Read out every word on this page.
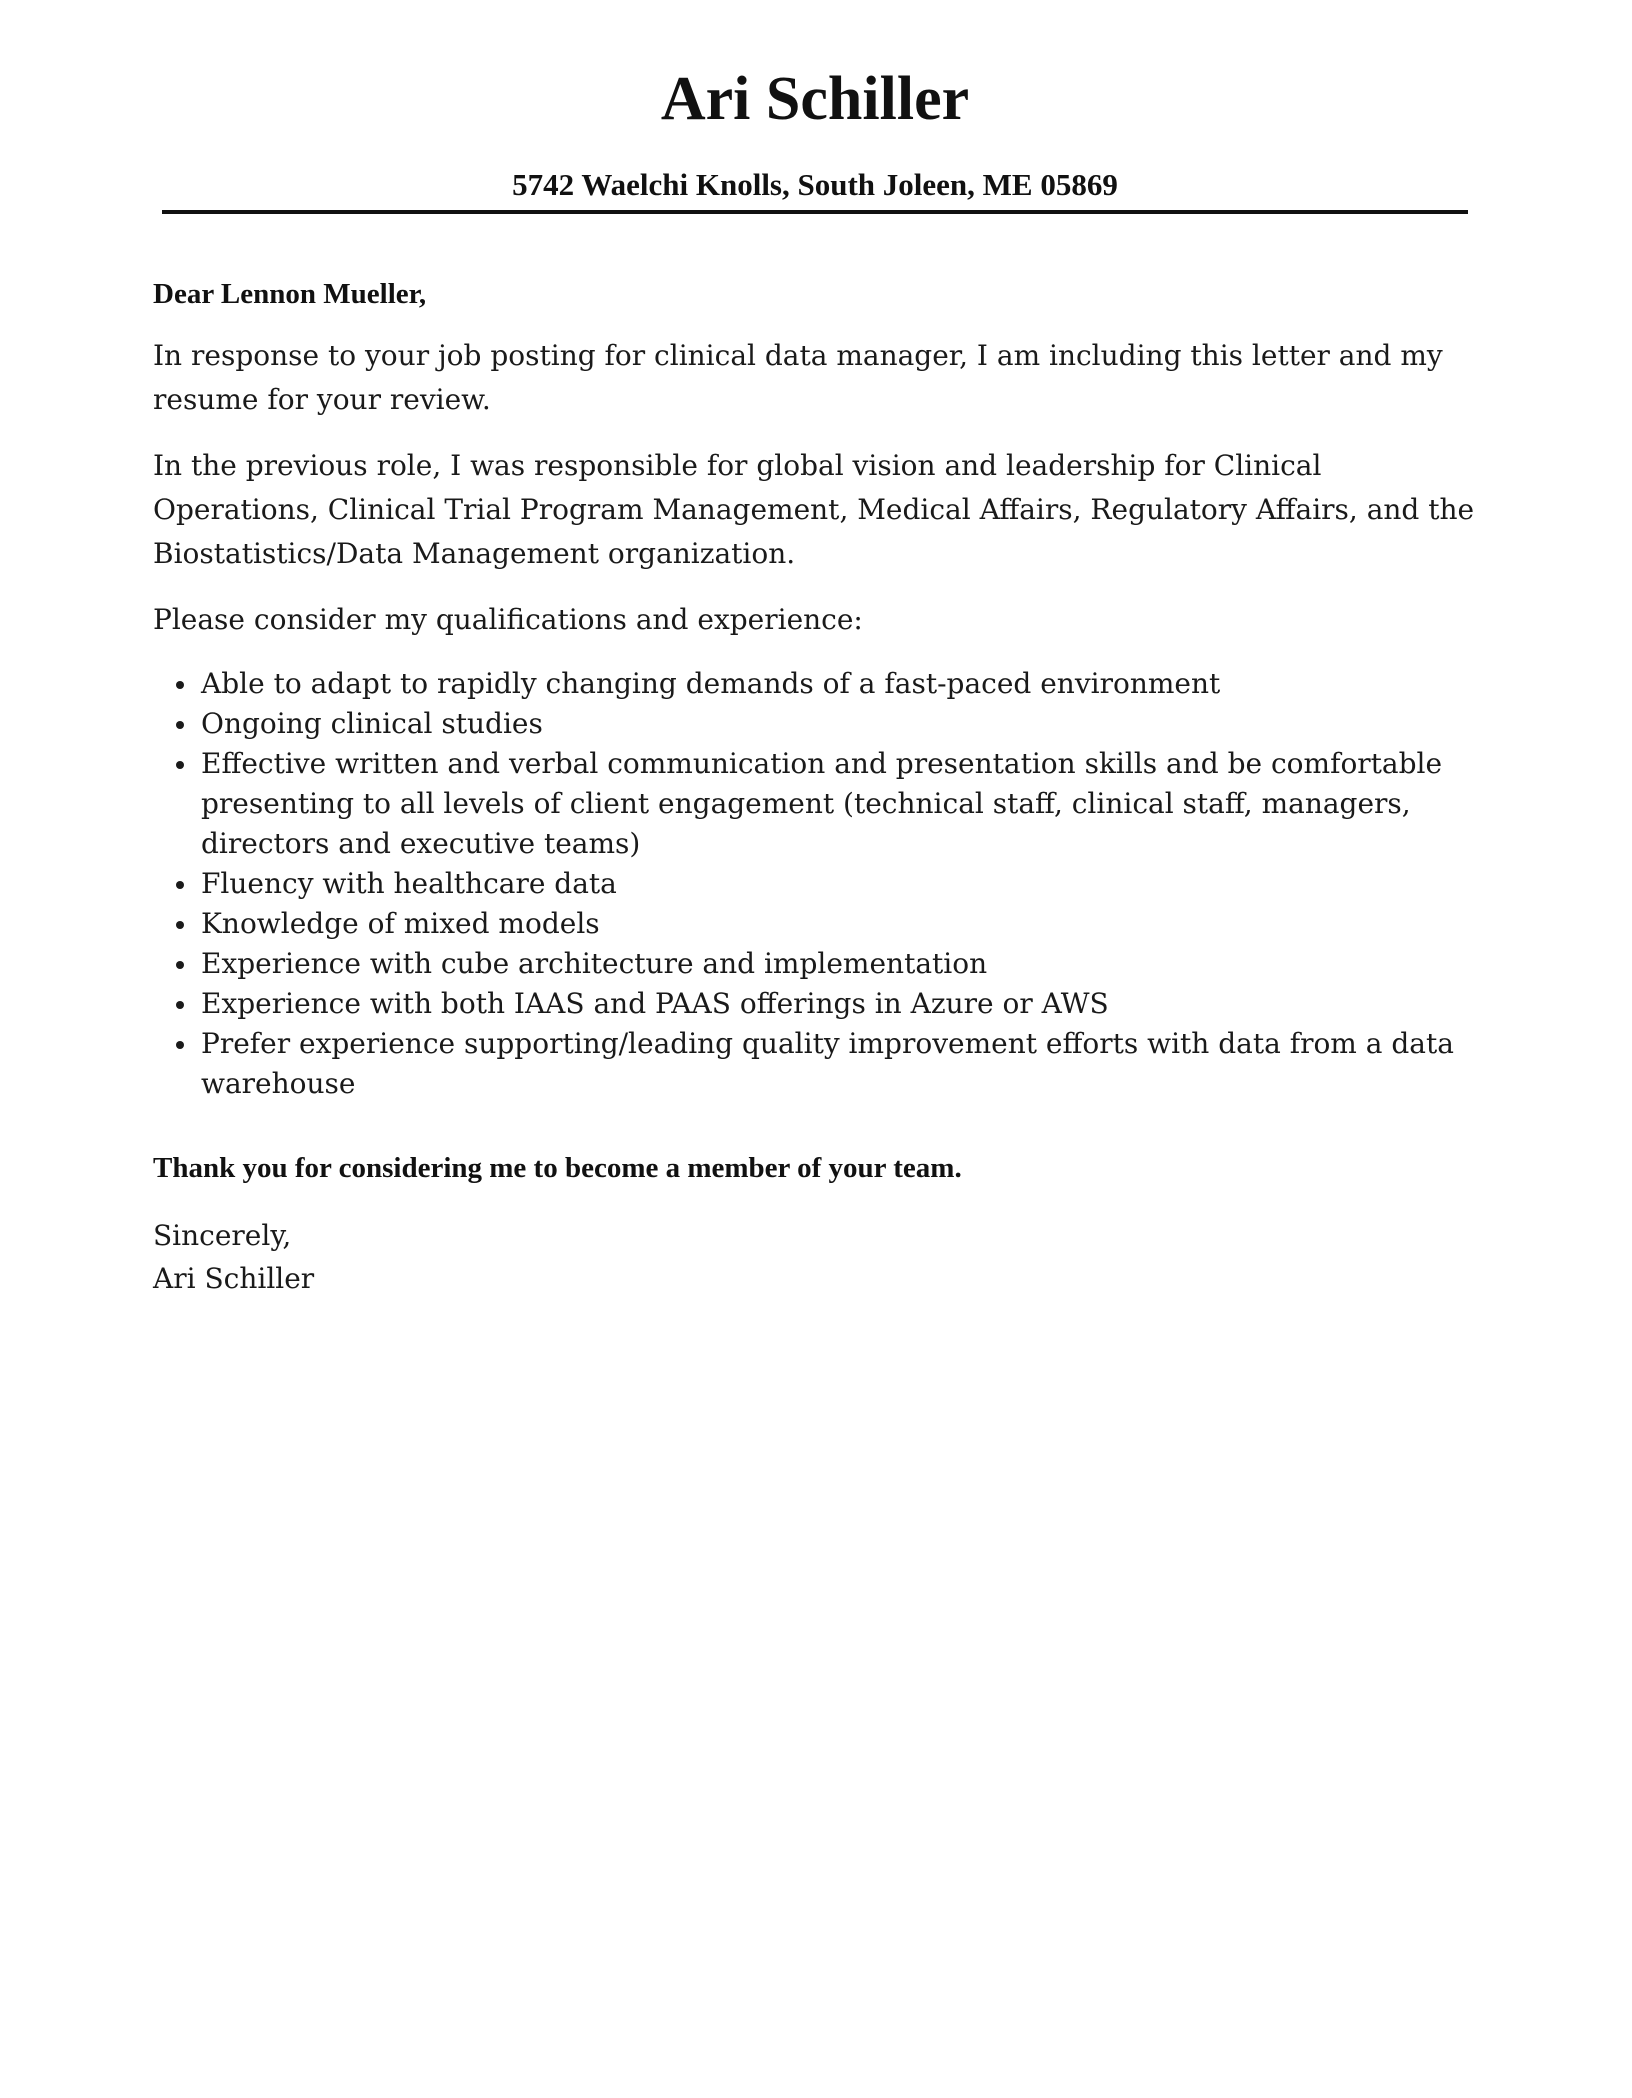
Ari Schiller
5742 Waelchi Knolls, South Joleen, ME 05869

Dear Lennon Mueller,

In response to your job posting for clinical data manager, I am including this letter and my resume for your review.

In the previous role, I was responsible for global vision and leadership for Clinical Operations, Clinical Trial Program Management, Medical Affairs, Regulatory Affairs, and the Biostatistics/Data Management organization.

Please consider my qualifications and experience:

Able to adapt to rapidly changing demands of a fast-paced environment
Ongoing clinical studies
Effective written and verbal communication and presentation skills and be comfortable presenting to all levels of client engagement (technical staff, clinical staff, managers, directors and executive teams)
Fluency with healthcare data
Knowledge of mixed models
Experience with cube architecture and implementation
Experience with both IAAS and PAAS offerings in Azure or AWS
Prefer experience supporting/leading quality improvement efforts with data from a data warehouse

Thank you for considering me to become a member of your team.

Sincerely,

Ari Schiller
